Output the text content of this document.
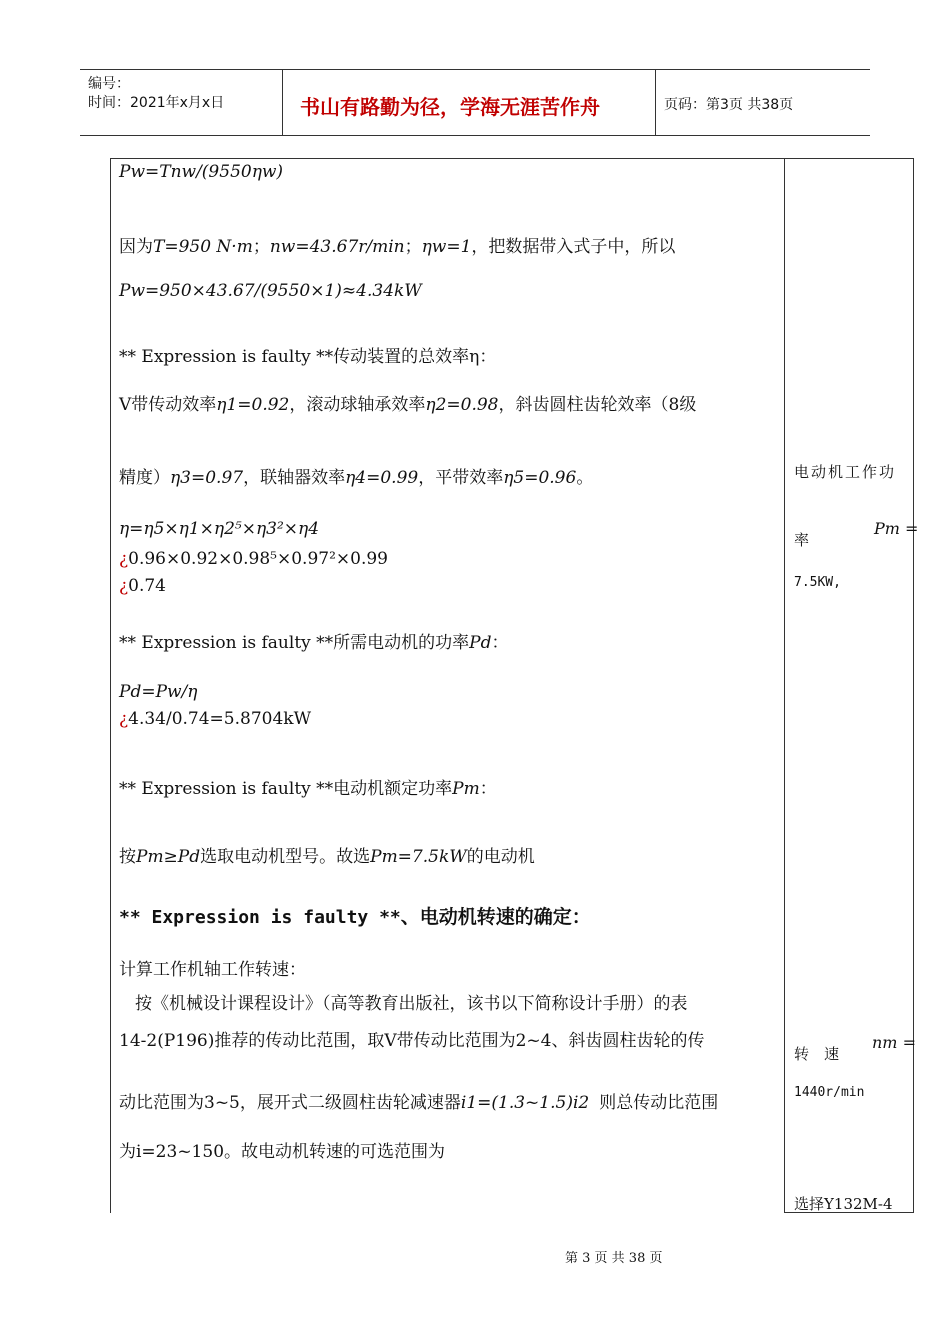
编号：
时间：2021年x月x日	书山有路勤为径，学海无涯苦作舟	页码：第3页 共38页
Pw=Tnw/(9550ηw)
因为T=950 N·m；nw=43.67r/min；ηw=1，把数据带入式子中，所以
Pw=950×43.67/(9550×1)≈4.34kW
** Expression is faulty **传动装置的总效率η：
V带传动效率η1=0.92，滚动球轴承效率η2=0.98，斜齿圆柱齿轮效率（8级
精度）η3=0.97，联轴器效率η4=0.99，平带效率η5=0.96。
η=η5×η1×η2⁵×η3²×η4
¿0.96×0.92×0.98⁵×0.97²×0.99
¿0.74
** Expression is faulty **所需电动机的功率Pd：
Pd=Pw/η
¿4.34/0.74=5.8704kW
** Expression is faulty **电动机额定功率Pm：
按Pm≥Pd选取电动机型号。故选Pm=7.5kW的电动机
** Expression is faulty **、电动机转速的确定：
计算工作机轴工作转速：
按《机械设计课程设计》（高等教育出版社，该书以下简称设计手册）的表
14-2(P196)推荐的传动比范围，取V带传动比范围为2~4、斜齿圆柱齿轮的传
动比范围为3~5，展开式二级圆柱齿轮减速器i1=(1.3~1.5)i2 则总传动比范围
为i=23~150。故电动机转速的可选范围为
电动机工作功
率
Pm =
7.5KW,
转　速
nm =
1440r/min
选择Y132M-4
第 3 页 共 38 页
